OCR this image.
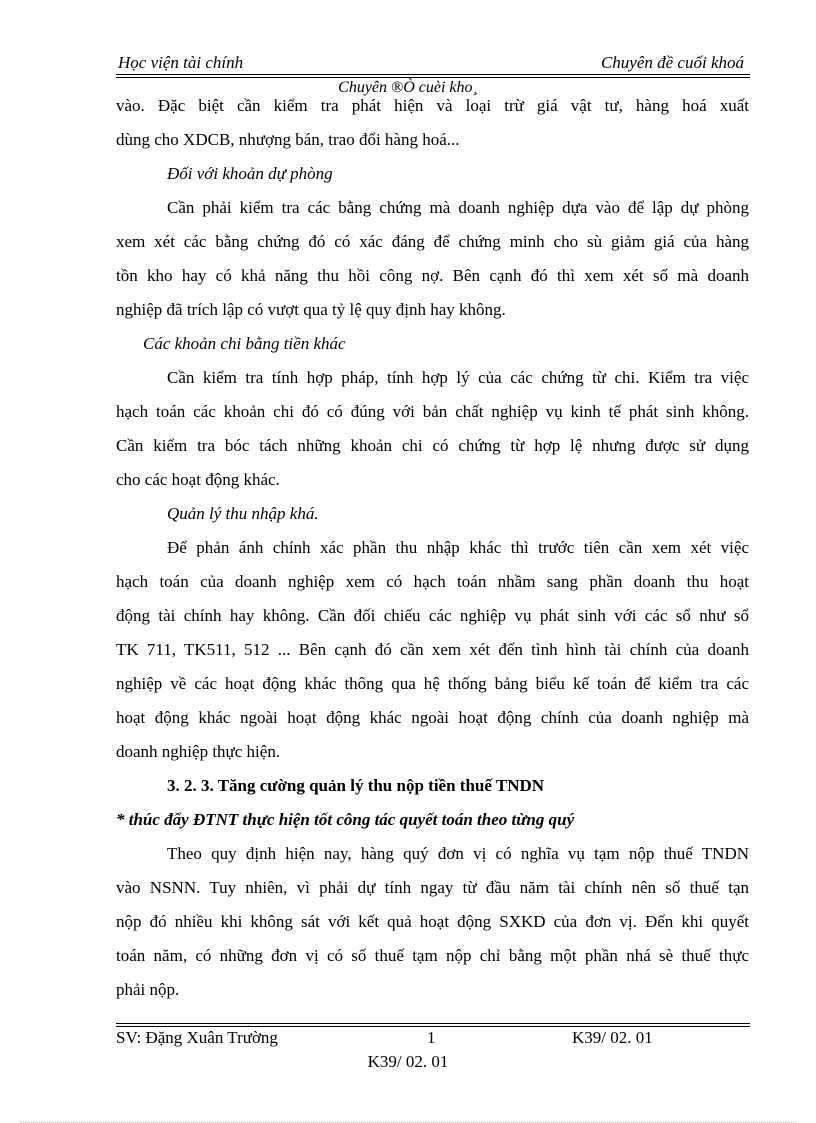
Học viện tài chính	Chuyên đề cuối khoá
Chuyên ®Ò cuèi kho¸
vào. Đặc biệt cần kiểm tra phát hiện và loại trừ giá vật tư, hàng hoá xuất
dùng cho XDCB, nhượng bán, trao đổi hàng hoá...
Đối với khoản dự phòng
Cần phải kiểm tra các bằng chứng mà doanh nghiệp dựa vào để lập dự phòng
xem xét các bằng chứng đó có xác đáng để chứng minh cho sù giảm giá của hàng
tồn kho hay có khả năng thu hồi công nợ. Bên cạnh đó thì xem xét số mà doanh
nghiệp đã trích lập có vượt qua tỷ lệ quy định hay không.
Các khoản chi bằng tiền khác
Cần kiểm tra tính hợp pháp, tính hợp lý của các chứng từ chi. Kiểm tra việc
hạch toán các khoản chi đó có đúng với bản chất nghiệp vụ kinh tế phát sinh không.
Cần kiểm tra bóc tách những khoản chi có chứng từ hợp lệ nhưng được sử dụng
cho các hoạt động khác.
Quản lý thu nhập khá.
Để phản ánh chính xác phần thu nhập khác thì trước tiên cần xem xét việc
hạch toán của doanh nghiệp xem có hạch toán nhầm sang phần doanh thu hoạt
động tài chính hay không. Cần đối chiếu các nghiệp vụ phát sinh với các sổ như sổ
TK 711, TK511, 512 ... Bên cạnh đó cần xem xét đến tình hình tài chính của doanh
nghiệp về các hoạt động khác thông qua hệ thống bảng biểu kế toán để kiểm tra các
hoạt động khác ngoài hoạt động khác ngoài hoạt động chính của doanh nghiệp mà
doanh nghiệp thực hiện.
3. 2. 3. Tăng cường quản lý thu nộp tiền thuế TNDN
* thúc đẩy ĐTNT thực hiện tốt công tác quyết toán theo từng quý
Theo quy định hiện nay, hàng quý đơn vị có nghĩa vụ tạm nộp thuế TNDN
vào NSNN. Tuy nhiên, vì phải dự tính ngay từ đầu năm tài chính nên số thuế tạn
nộp đó nhiều khi không sát với kết quả hoạt động SXKD của đơn vị. Đến khi quyết
toán năm, có những đơn vị có số thuế tạm nộp chỉ bằng một phần nhá sè thuế thực
phải nộp.
SV: Đặng Xuân Trường	1	K39/ 02. 01
K39/ 02. 01
